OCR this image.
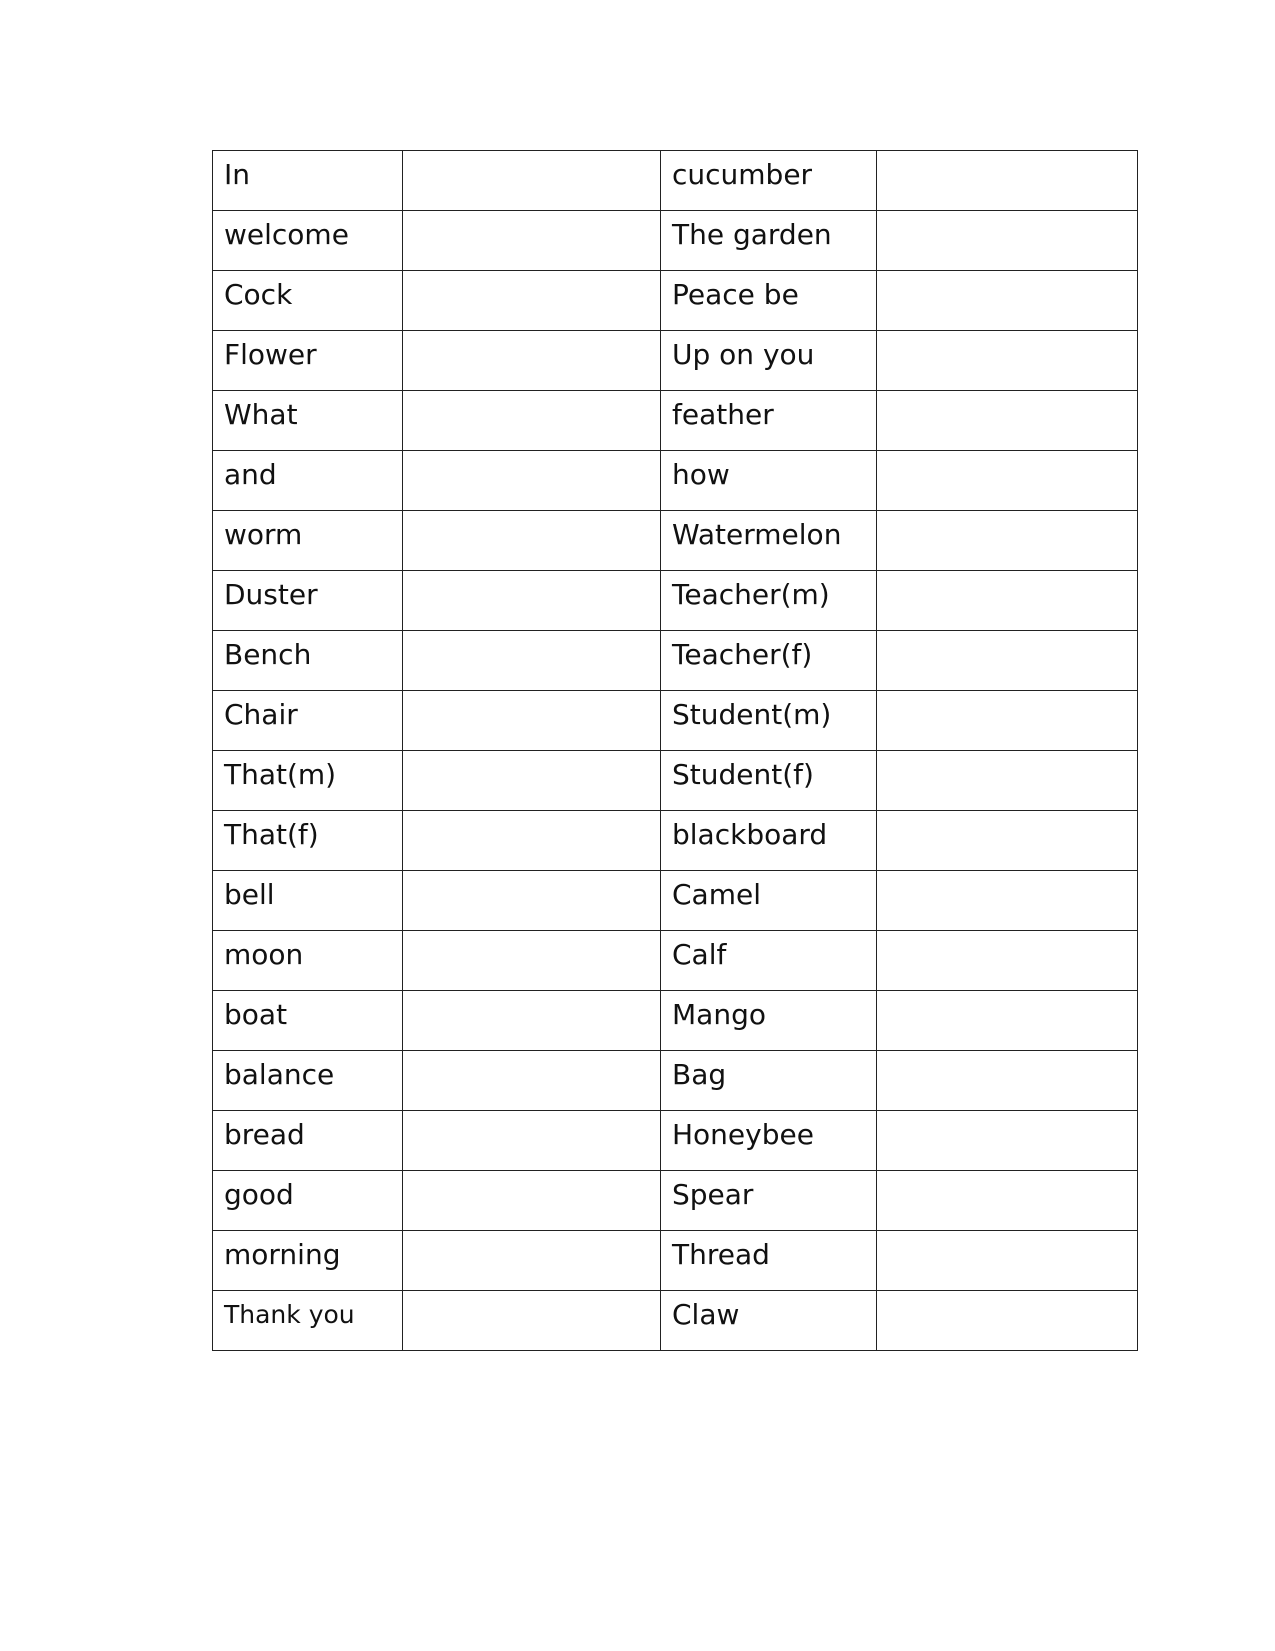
In		cucumber	
welcome		The garden	
Cock		Peace be	
Flower		Up on you	
What		feather	
and		how	
worm		Watermelon	
Duster		Teacher(m)	
Bench		Teacher(f)	
Chair		Student(m)	
That(m)		Student(f)	
That(f)		blackboard	
bell		Camel	
moon		Calf	
boat		Mango	
balance		Bag	
bread		Honeybee	
good		Spear	
morning		Thread	
Thank you		Claw	
